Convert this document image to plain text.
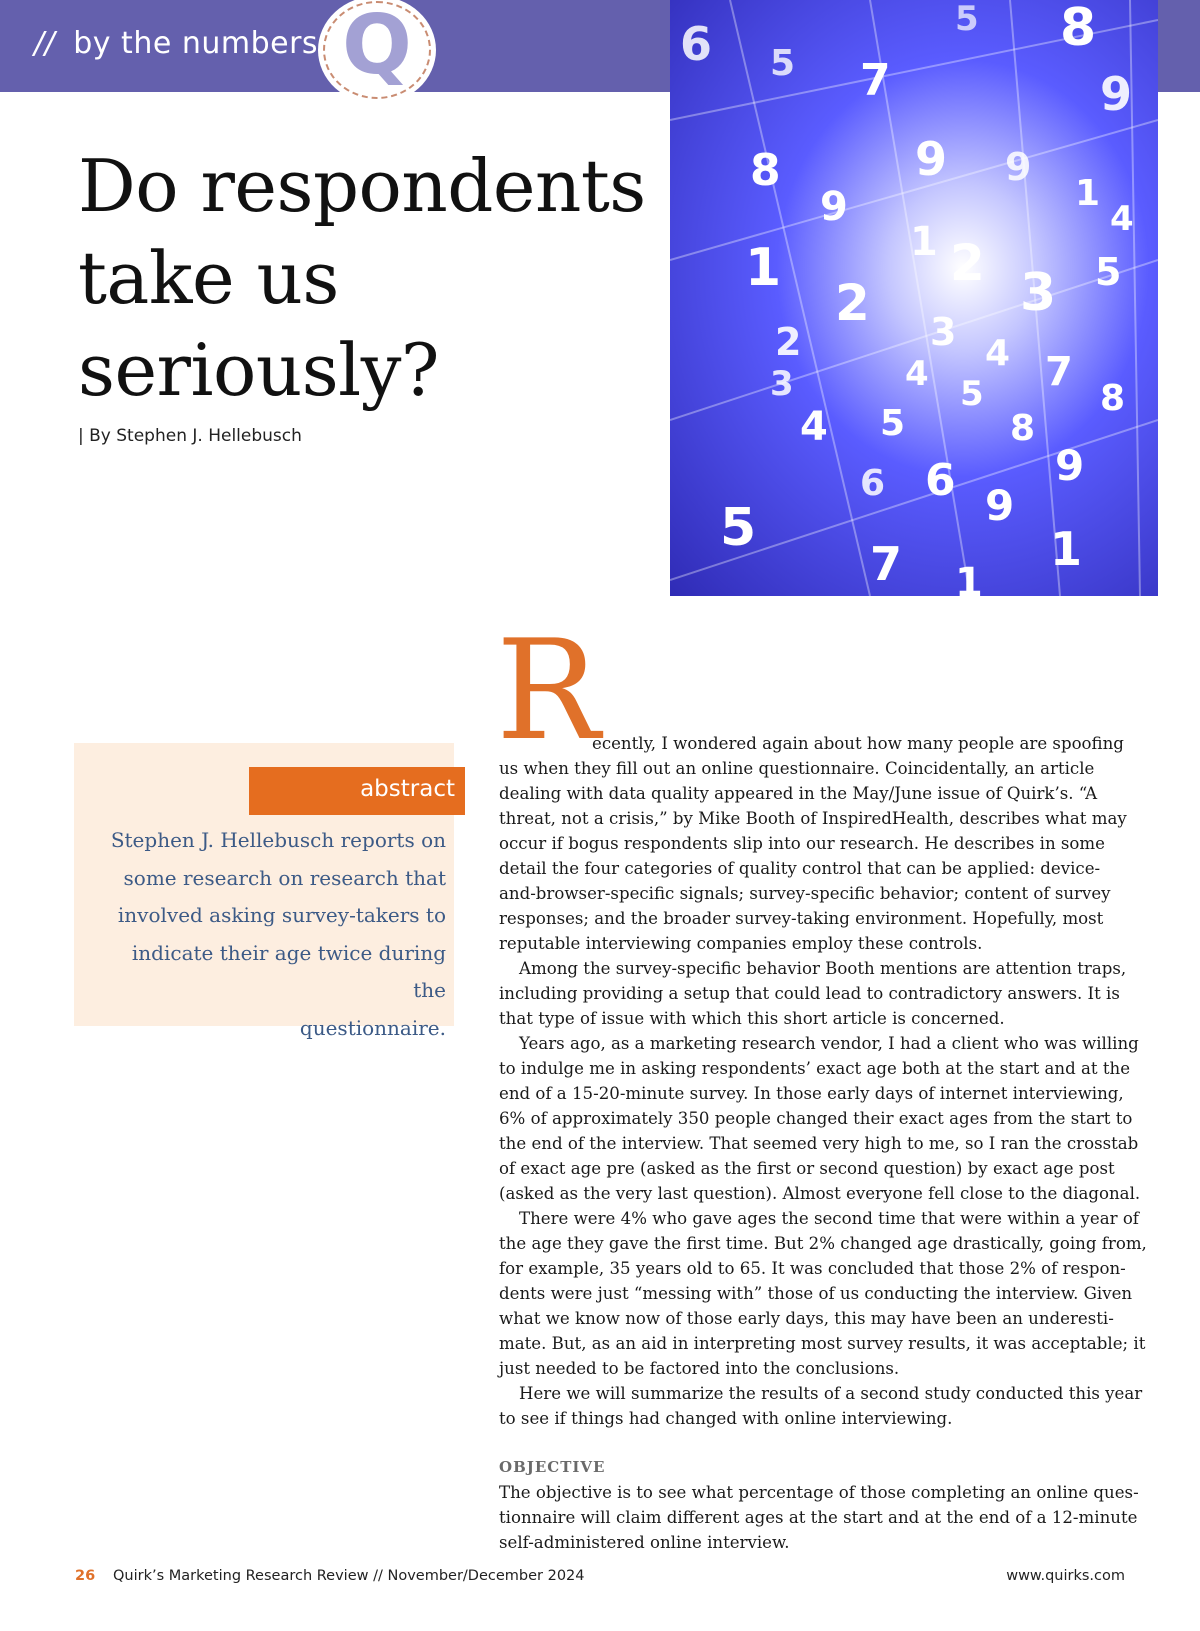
// by the numbers Q	6 5 7
5 8
9
8
9
9 9
1
4
1	1 2 3 5
2
2	3 4 7
8
3	4 5
5	8
4
9
6 6 9
5
7 1
1
Do respondents
take us
seriously?
| By Stephen J. Hellebusch
abstract
Stephen J. Hellebusch reports on
some research on research that
involved asking survey-takers to
indicate their age twice during the
questionnaire.
R
ecently, I wondered again about how many people are spoofing
us when they fill out an online questionnaire. Coincidentally, an article
dealing with data quality appeared in the May/June issue of Quirk’s. “A
threat, not a crisis,” by Mike Booth of InspiredHealth, describes what may
occur if bogus respondents slip into our research. He describes in some
detail the four categories of quality control that can be applied: device-
and-browser-specific signals; survey-specific behavior; content of survey
responses; and the broader survey-taking environment. Hopefully, most
reputable interviewing companies employ these controls.
Among the survey-specific behavior Booth mentions are attention traps,
including providing a setup that could lead to contradictory answers. It is
that type of issue with which this short article is concerned.
Years ago, as a marketing research vendor, I had a client who was willing
to indulge me in asking respondents’ exact age both at the start and at the
end of a 15-20-minute survey. In those early days of internet interviewing,
6% of approximately 350 people changed their exact ages from the start to
the end of the interview. That seemed very high to me, so I ran the crosstab
of exact age pre (asked as the first or second question) by exact age post
(asked as the very last question). Almost everyone fell close to the diagonal.
There were 4% who gave ages the second time that were within a year of
the age they gave the first time. But 2% changed age drastically, going from,
for example, 35 years old to 65. It was concluded that those 2% of respon-
dents were just “messing with” those of us conducting the interview. Given
what we know now of those early days, this may have been an underesti-
mate. But, as an aid in interpreting most survey results, it was acceptable; it
just needed to be factored into the conclusions.
Here we will summarize the results of a second study conducted this year
to see if things had changed with online interviewing.
OBJECTIVE
The objective is to see what percentage of those completing an online ques-
tionnaire will claim different ages at the start and at the end of a 12-minute
self-administered online interview.
26 Quirk’s Marketing Research Review // November/December 2024	www.quirks.com
